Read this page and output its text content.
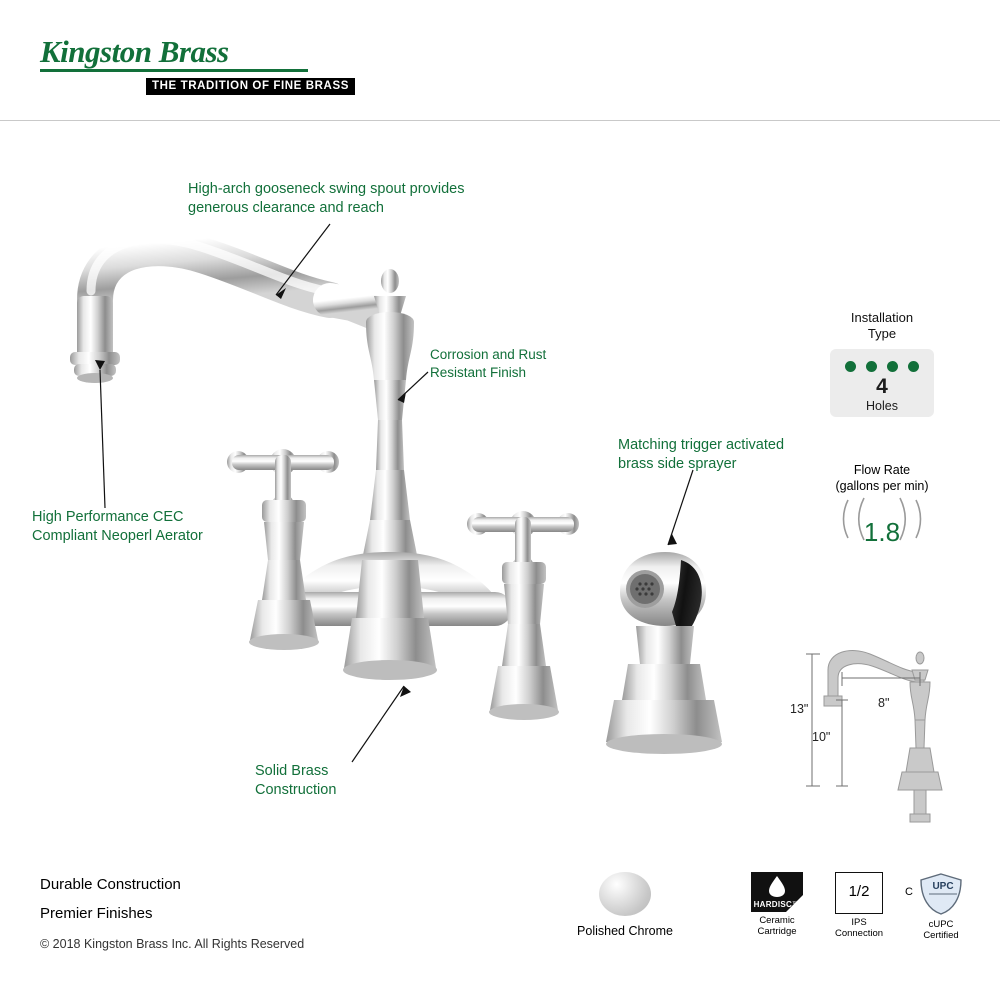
Kingston Brass
THE TRADITION OF FINE BRASS
High-arch gooseneck swing spout provides
generous clearance and reach
Corrosion and Rust
Resistant Finish
High Performance CEC
Compliant Neoperl Aerator
Matching trigger activated
brass side sprayer
Solid Brass
Construction
Installation
Type
4
Holes
Flow Rate
(gallons per min)
1.8
13"
10"
8"
Durable Construction
Premier Finishes
© 2018 Kingston Brass Inc. All Rights Reserved
Polished Chrome
HARDISC™
Ceramic
Cartridge
1/2
IPS
Connection
UPC
C
cUPC
Certified
